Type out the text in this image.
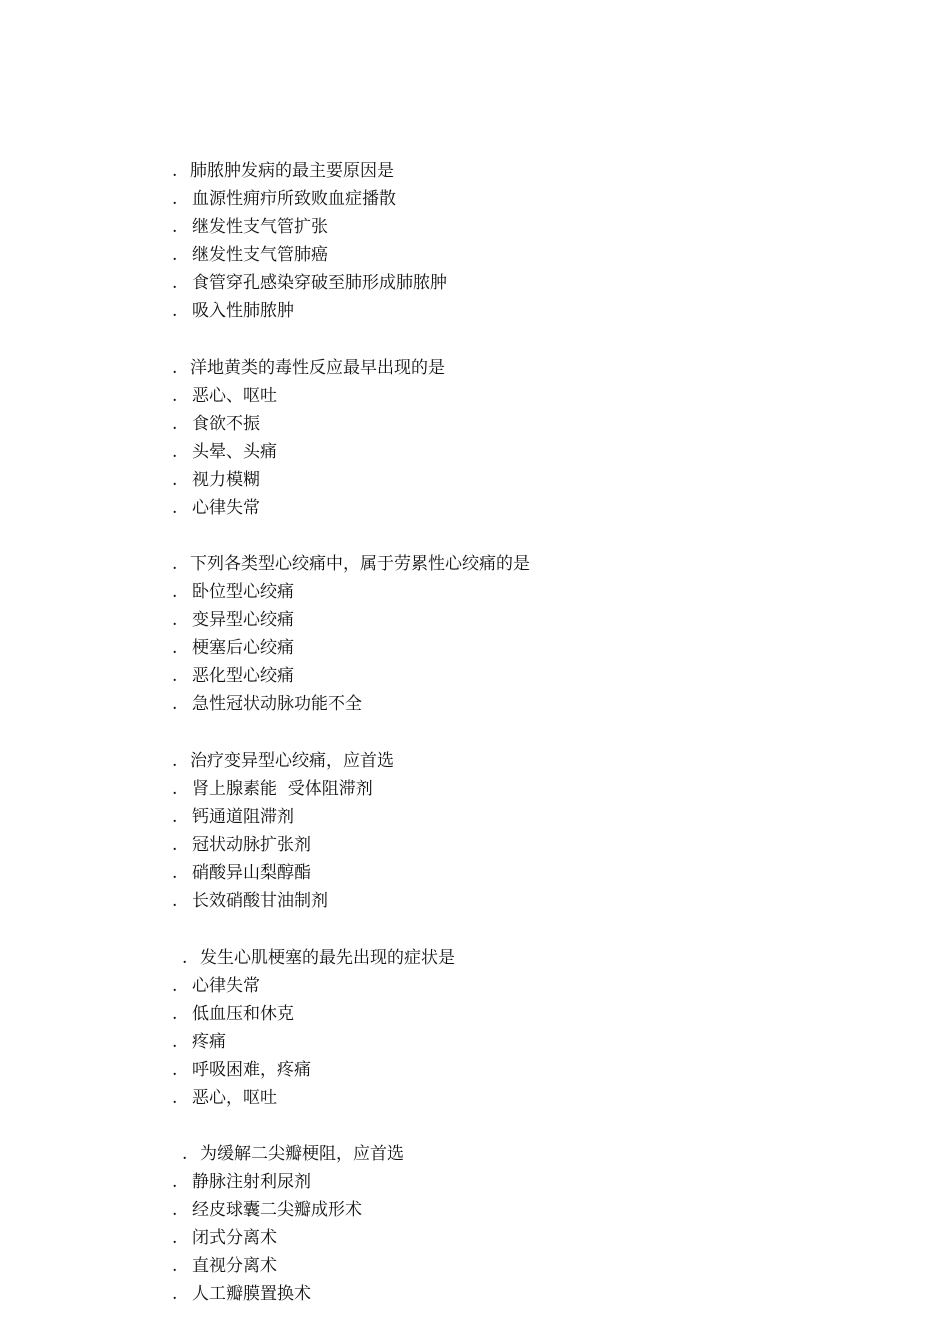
. 肺脓肿发病的最主要原因是
. 血源性痈疖所致败血症播散
. 继发性支气管扩张
. 继发性支气管肺癌
. 食管穿孔感染穿破至肺形成肺脓肿
. 吸入性肺脓肿
. 洋地黄类的毒性反应最早出现的是
. 恶心、呕吐
. 食欲不振
. 头晕、头痛
. 视力模糊
. 心律失常
. 下列各类型心绞痛中，属于劳累性心绞痛的是
. 卧位型心绞痛
. 变异型心绞痛
. 梗塞后心绞痛
. 恶化型心绞痛
. 急性冠状动脉功能不全
. 治疗变异型心绞痛，应首选
. 肾上腺素能  受体阻滞剂
. 钙通道阻滞剂
. 冠状动脉扩张剂
. 硝酸异山梨醇酯
. 长效硝酸甘油制剂
. 发生心肌梗塞的最先出现的症状是
. 心律失常
. 低血压和休克
. 疼痛
. 呼吸困难，疼痛
. 恶心，呕吐
. 为缓解二尖瓣梗阻，应首选
. 静脉注射利尿剂
. 经皮球囊二尖瓣成形术
. 闭式分离术
. 直视分离术
. 人工瓣膜置换术
